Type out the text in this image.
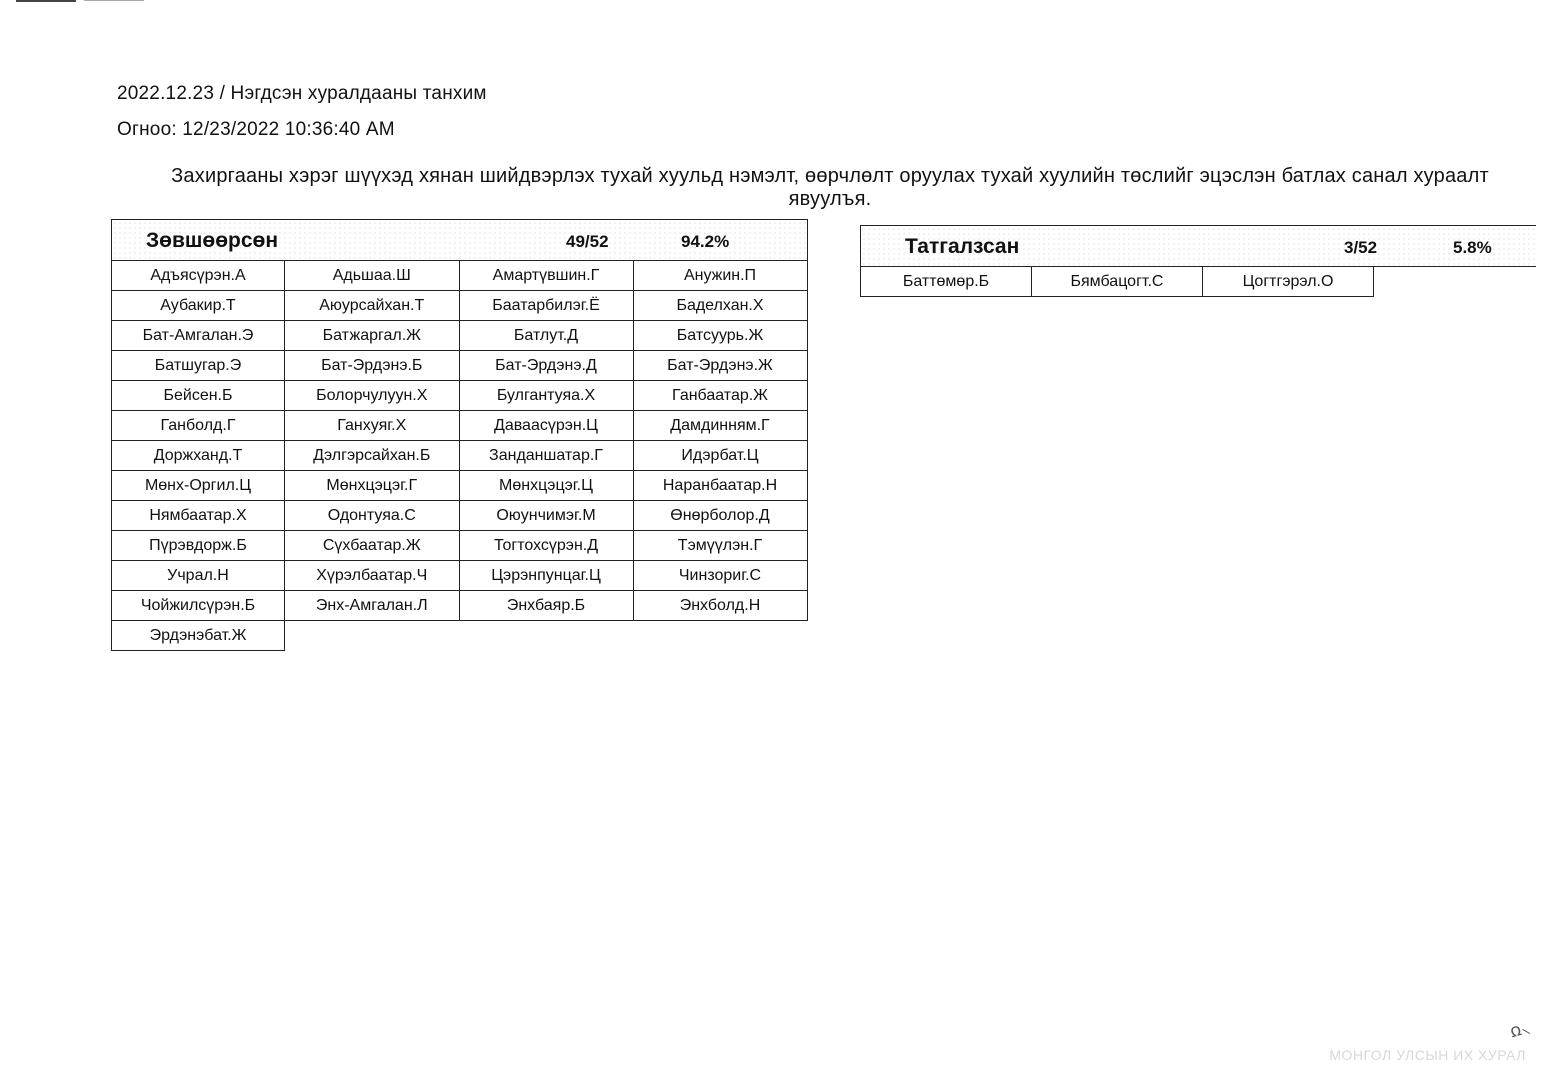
2022.12.23 / Нэгдсэн хуралдааны танхим
Огноо: 12/23/2022 10:36:40 AM
Захиргааны хэрэг шүүхэд хянан шийдвэрлэх тухай хуульд нэмэлт, өөрчлөлт оруулах тухай хуулийн төслийг эцэслэн батлах санал хураалт явуулъя.
Зөвшөөрсөн 49/52 94.2%			

Адъясүрэн.А	Адьшаа.Ш	Амартүвшин.Г	Анужин.П
Аубакир.Т	Аюурсайхан.Т	Баатарбилэг.Ё	Баделхан.Х
Бат-Амгалан.Э	Батжаргал.Ж	Батлут.Д	Батсуурь.Ж
Батшугар.Э	Бат-Эрдэнэ.Б	Бат-Эрдэнэ.Д	Бат-Эрдэнэ.Ж
Бейсен.Б	Болорчулуун.Х	Булгантуяа.Х	Ганбаатар.Ж
Ганболд.Г	Ганхуяг.Х	Даваасүрэн.Ц	Дамдинням.Г
Доржханд.Т	Дэлгэрсайхан.Б	Занданшатар.Г	Идэрбат.Ц
Мөнх-Оргил.Ц	Мөнхцэцэг.Г	Мөнхцэцэг.Ц	Наранбаатар.Н
Нямбаатар.Х	Одонтуяа.С	Оюунчимэг.М	Өнөрболор.Д
Пүрэвдорж.Б	Сүхбаатар.Ж	Тогтохсүрэн.Д	Тэмүүлэн.Г
Учрал.Н	Хүрэлбаатар.Ч	Цэрэнпунцаг.Ц	Чинзориг.С
Чойжилсүрэн.Б	Энх-Амгалан.Л	Энхбаяр.Б	Энхболд.Н
Эрдэнэбат.Ж			
Татгалзсан	3/52	5.8%

Баттөмөр.Б	Бямбацогт.С	Цогтгэрэл.О	
ꭥ⸜
МОНГОЛ УЛСЫН ИХ ХУРАЛ
